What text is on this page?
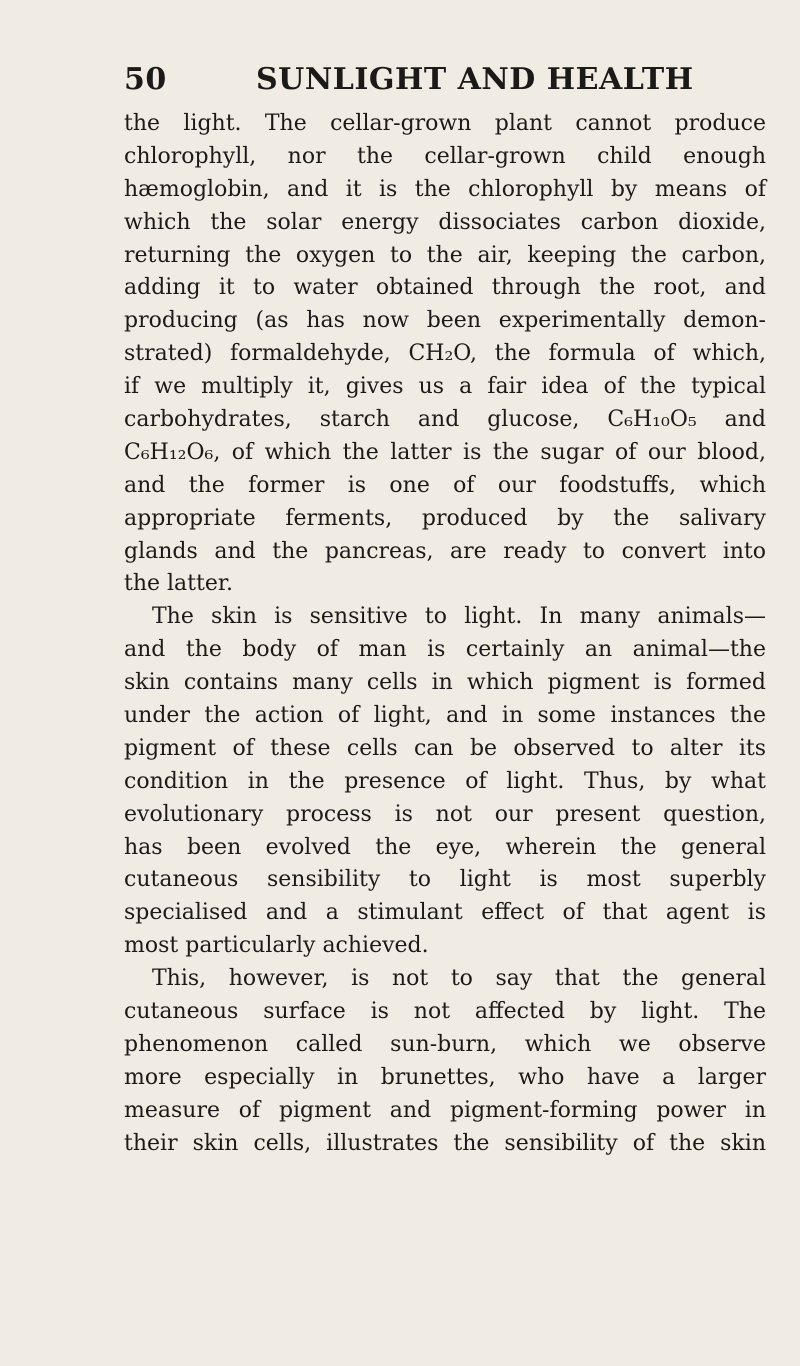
50	SUNLIGHT AND HEALTH
the light. The cellar-grown plant cannot produce
chlorophyll, nor the cellar-grown child enough
hæmoglobin, and it is the chlorophyll by means of
which the solar energy dissociates carbon dioxide,
returning the oxygen to the air, keeping the carbon,
adding it to water obtained through the root, and
producing (as has now been experimentally demon-
strated) formaldehyde, CH₂O, the formula of which,
if we multiply it, gives us a fair idea of the typical
carbohydrates, starch and glucose, C₆H₁₀O₅ and
C₆H₁₂O₆, of which the latter is the sugar of our blood,
and the former is one of our foodstuffs, which
appropriate ferments, produced by the salivary
glands and the pancreas, are ready to convert into
the latter.
The skin is sensitive to light. In many animals—
and the body of man is certainly an animal—the
skin contains many cells in which pigment is formed
under the action of light, and in some instances the
pigment of these cells can be observed to alter its
condition in the presence of light. Thus, by what
evolutionary process is not our present question,
has been evolved the eye, wherein the general
cutaneous sensibility to light is most superbly
specialised and a stimulant effect of that agent is
most particularly achieved.
This, however, is not to say that the general
cutaneous surface is not affected by light. The
phenomenon called sun-burn, which we observe
more especially in brunettes, who have a larger
measure of pigment and pigment-forming power in
their skin cells, illustrates the sensibility of the skin
